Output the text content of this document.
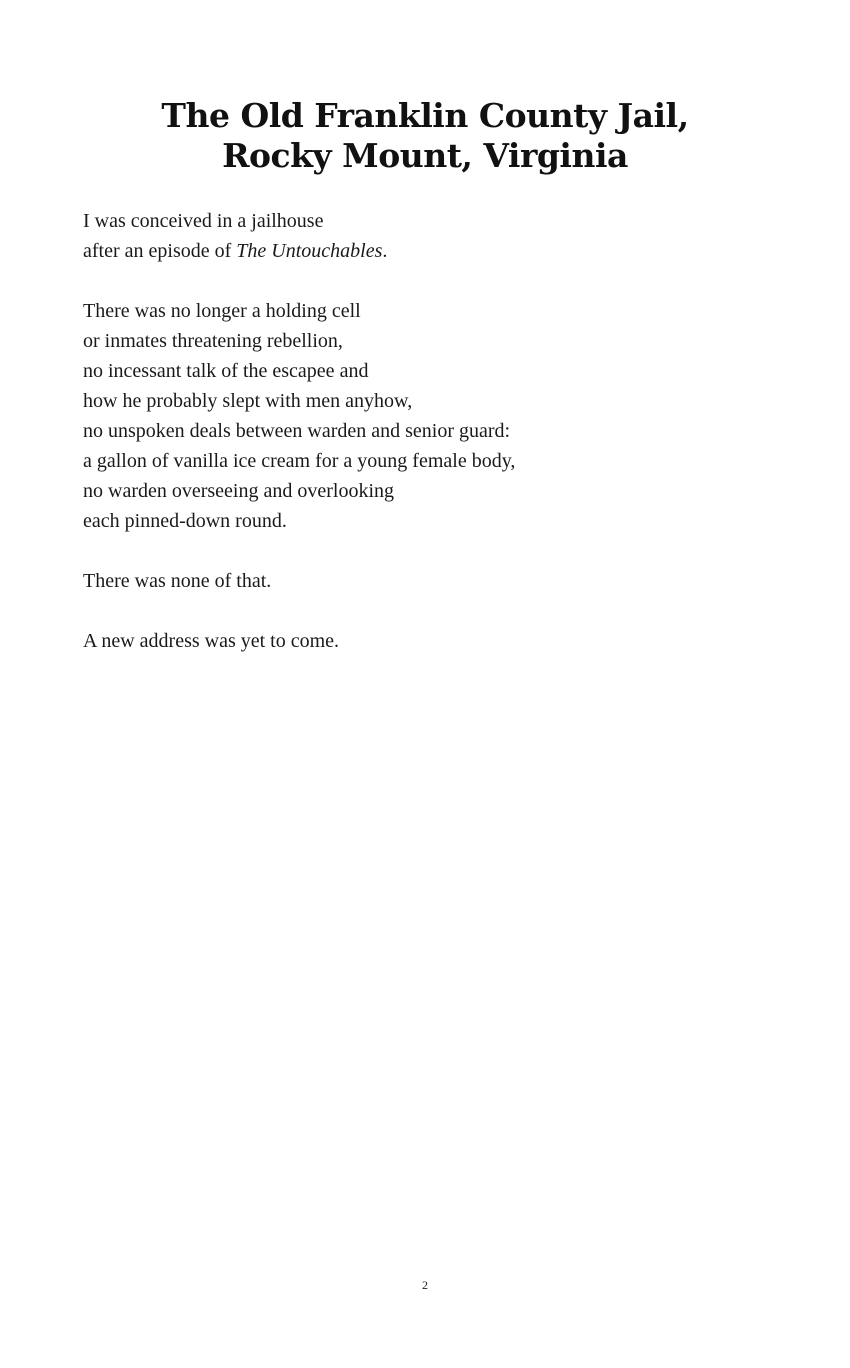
The Old Franklin County Jail,
Rocky Mount, Virginia
I was conceived in a jailhouse
after an episode of The Untouchables.
There was no longer a holding cell
or inmates threatening rebellion,
no incessant talk of the escapee and
how he probably slept with men anyhow,
no unspoken deals between warden and senior guard:
a gallon of vanilla ice cream for a young female body,
no warden overseeing and overlooking
each pinned-down round.
There was none of that.
A new address was yet to come.
2
